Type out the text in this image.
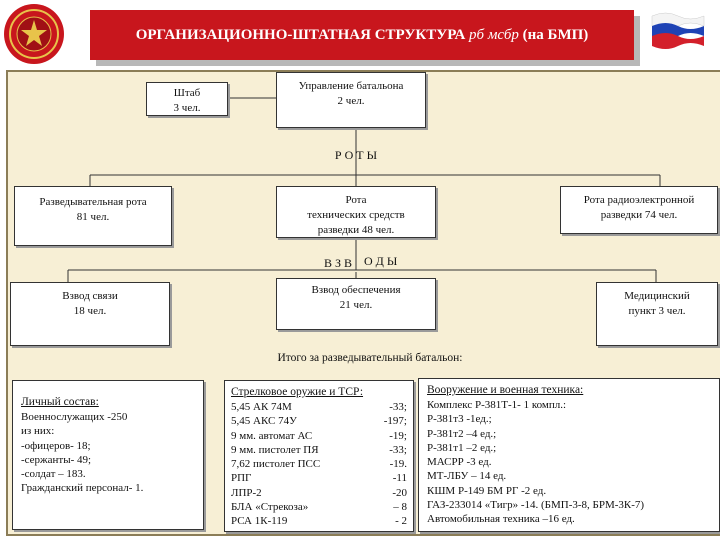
ОРГАНИЗАЦИОННО-ШТАТНАЯ СТРУКТУРА рб мсбр (на БМП)
Штаб
3 чел.
Управление батальона
2 чел.
Р О Т Ы
Разведывательная рота
81 чел.
Рота
технических средств
разведки 48 чел.
Рота радиоэлектронной
разведки 74 чел.
В З В О Д Ы
Взвод связи
18 чел.
Взвод обеспечения
21 чел.
Медицинский
пункт 3 чел.
Итого за разведывательный батальон:
Личный состав:
Военнослужащих -250
из них:
-офицеров- 18;
-сержанты- 49;
-солдат – 183.
Гражданский персонал- 1.
Стрелковое оружие и ТСР:
5,45 АК 74М	-33;
5,45 АКС 74У	-197;
9 мм. автомат АС	-19;
9 мм. пистолет ПЯ	-33;
7,62 пистолет ПСС	-19.
РПГ	-11
ЛПР-2	-20
БЛА «Стрекоза»	– 8
РСА 1К-119	- 2
Вооружение и военная техника:
Комплекс Р-381Т-1- 1 компл.:
Р-381т3 -1ед.;
Р-381т2 –4 ед.;
Р-381т1 –2 ед.;
МАСРР -3 ед.
МТ-ЛБУ – 14 ед.
КШМ Р-149 БМ РГ -2 ед.
ГАЗ-233014 «Тигр» -14. (БМП-3-8, БРМ-3К-7)
Автомобильная техника –16 ед.
